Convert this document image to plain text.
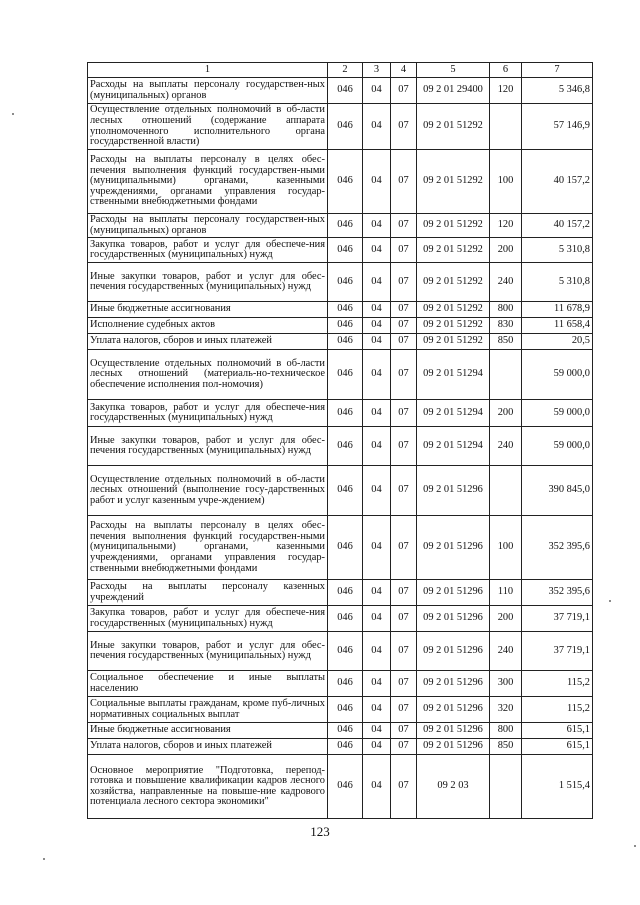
1	2	3	4	5	6	7
Расходы на выплаты персоналу государствен-ных (муниципальных) органов	046	04	07	09 2 01 29400	120	5 346,8
Осуществление отдельных полномочий в об-ласти лесных отношений (содержание аппарата уполномоченного исполнительного органа государственной власти)	046	04	07	09 2 01 51292		57 146,9
Расходы на выплаты персоналу в целях обес-печения выполнения функций государствен-ными (муниципальными) органами, казенными учреждениями, органами управления государ-ственными внебюджетными фондами	046	04	07	09 2 01 51292	100	40 157,2
Расходы на выплаты персоналу государствен-ных (муниципальных) органов	046	04	07	09 2 01 51292	120	40 157,2
Закупка товаров, работ и услуг для обеспече-ния государственных (муниципальных) нужд	046	04	07	09 2 01 51292	200	5 310,8
Иные закупки товаров, работ и услуг для обес-печения государственных (муниципальных) нужд	046	04	07	09 2 01 51292	240	5 310,8
Иные бюджетные ассигнования	046	04	07	09 2 01 51292	800	11 678,9
Исполнение судебных актов	046	04	07	09 2 01 51292	830	11 658,4
Уплата налогов, сборов и иных платежей	046	04	07	09 2 01 51292	850	20,5
Осуществление отдельных полномочий в об-ласти лесных отношений (материаль-но-техническое обеспечение исполнения пол-номочия)	046	04	07	09 2 01 51294		59 000,0
Закупка товаров, работ и услуг для обеспече-ния государственных (муниципальных) нужд	046	04	07	09 2 01 51294	200	59 000,0
Иные закупки товаров, работ и услуг для обес-печения государственных (муниципальных) нужд	046	04	07	09 2 01 51294	240	59 000,0
Осуществление отдельных полномочий в об-ласти лесных отношений (выполнение госу-дарственных работ и услуг казенным учре-ждением)	046	04	07	09 2 01 51296		390 845,0
Расходы на выплаты персоналу в целях обес-печения выполнения функций государствен-ными (муниципальными) органами, казенными учреждениями, органами управления государ-ственными внебюджетными фондами	046	04	07	09 2 01 51296	100	352 395,6
Расходы на выплаты персоналу казенных учреждений	046	04	07	09 2 01 51296	110	352 395,6
Закупка товаров, работ и услуг для обеспече-ния государственных (муниципальных) нужд	046	04	07	09 2 01 51296	200	37 719,1
Иные закупки товаров, работ и услуг для обес-печения государственных (муниципальных) нужд	046	04	07	09 2 01 51296	240	37 719,1
Социальное обеспечение и иные выплаты населению	046	04	07	09 2 01 51296	300	115,2
Социальные выплаты гражданам, кроме пуб-личных нормативных социальных выплат	046	04	07	09 2 01 51296	320	115,2
Иные бюджетные ассигнования	046	04	07	09 2 01 51296	800	615,1
Уплата налогов, сборов и иных платежей	046	04	07	09 2 01 51296	850	615,1
Основное мероприятие "Подготовка, перепод-готовка и повышение квалификации кадров лесного хозяйства, направленные на повыше-ние кадрового потенциала лесного сектора экономики"	046	04	07	09 2 03		1 515,4
123
